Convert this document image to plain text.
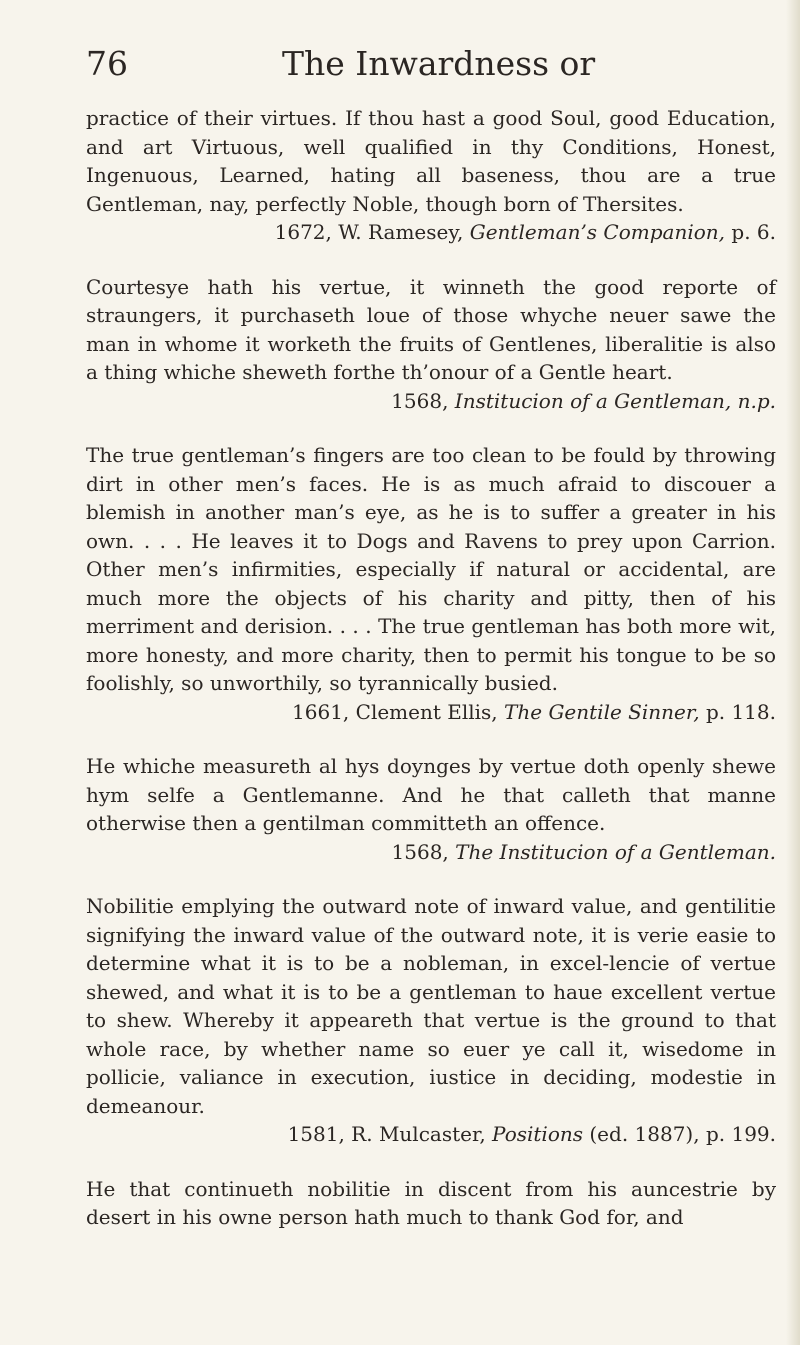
76	The Inwardness or

practice of their virtues. If thou hast a good Soul, good Education, and art Virtuous, well qualified in thy Conditions, Honest, Ingenuous, Learned, hating all baseness, thou are a true Gentleman, nay, perfectly Noble, though born of Thersites.

1672, W. Ramesey, Gentleman’s Companion, p. 6.

Courtesye hath his vertue, it winneth the good reporte of straungers, it purchaseth loue of those whyche neuer sawe the man in whome it worketh the fruits of Gentlenes, liberalitie is also a thing whiche sheweth forthe th’onour of a Gentle heart.

1568, Institucion of a Gentleman, n.p.

The true gentleman’s fingers are too clean to be fould by throwing dirt in other men’s faces. He is as much afraid to discouer a blemish in another man’s eye, as he is to suffer a greater in his own. . . . He leaves it to Dogs and Ravens to prey upon Carrion. Other men’s infirmities, especially if natural or accidental, are much more the objects of his charity and pitty, then of his merriment and derision. . . . The true gentleman has both more wit, more honesty, and more charity, then to permit his tongue to be so foolishly, so unworthily, so tyrannically busied.

1661, Clement Ellis, The Gentile Sinner, p. 118.

He whiche measureth al hys doynges by vertue doth openly shewe hym selfe a Gentlemanne. And he that calleth that manne otherwise then a gentilman committeth an offence.

1568, The Institucion of a Gentleman.

Nobilitie emplying the outward note of inward value, and gentilitie signifying the inward value of the outward note, it is verie easie to determine what it is to be a nobleman, in excel-lencie of vertue shewed, and what it is to be a gentleman to haue excellent vertue to shew. Whereby it appeareth that vertue is the ground to that whole race, by whether name so euer ye call it, wisedome in pollicie, valiance in execution, iustice in deciding, modestie in demeanour.

1581, R. Mulcaster, Positions (ed. 1887), p. 199.

He that continueth nobilitie in discent from his auncestrie by desert in his owne person hath much to thank God for, and
